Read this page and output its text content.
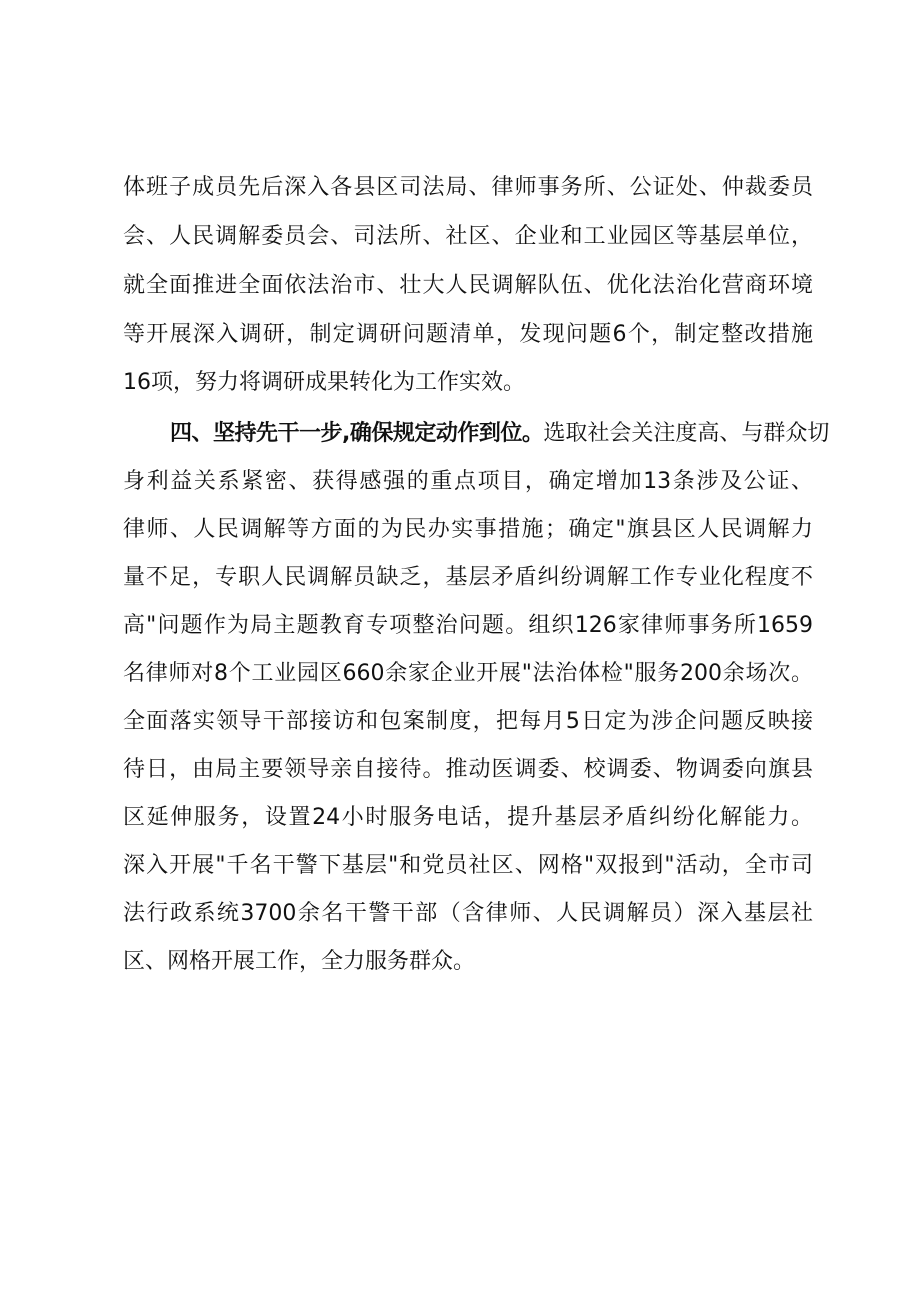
体班子成员先后深入各县区司法局、律师事务所、公证处、仲裁委员
会、人民调解委员会、司法所、社区、企业和工业园区等基层单位，
就全面推进全面依法治市、壮大人民调解队伍、优化法治化营商环境
等开展深入调研，制定调研问题清单，发现问题6个，制定整改措施
16项，努力将调研成果转化为工作实效。
四、坚持先干一步,确保规定动作到位。选取社会关注度高、与群众切
身利益关系紧密、获得感强的重点项目，确定增加13条涉及公证、
律师、人民调解等方面的为民办实事措施；确定"旗县区人民调解力
量不足，专职人民调解员缺乏，基层矛盾纠纷调解工作专业化程度不
高"问题作为局主题教育专项整治问题。组织126家律师事务所1659
名律师对8个工业园区660余家企业开展"法治体检"服务200余场次。
全面落实领导干部接访和包案制度，把每月5日定为涉企问题反映接
待日，由局主要领导亲自接待。推动医调委、校调委、物调委向旗县
区延伸服务，设置24小时服务电话，提升基层矛盾纠纷化解能力。
深入开展"千名干警下基层"和党员社区、网格"双报到"活动，全市司
法行政系统3700余名干警干部（含律师、人民调解员）深入基层社
区、网格开展工作，全力服务群众。
